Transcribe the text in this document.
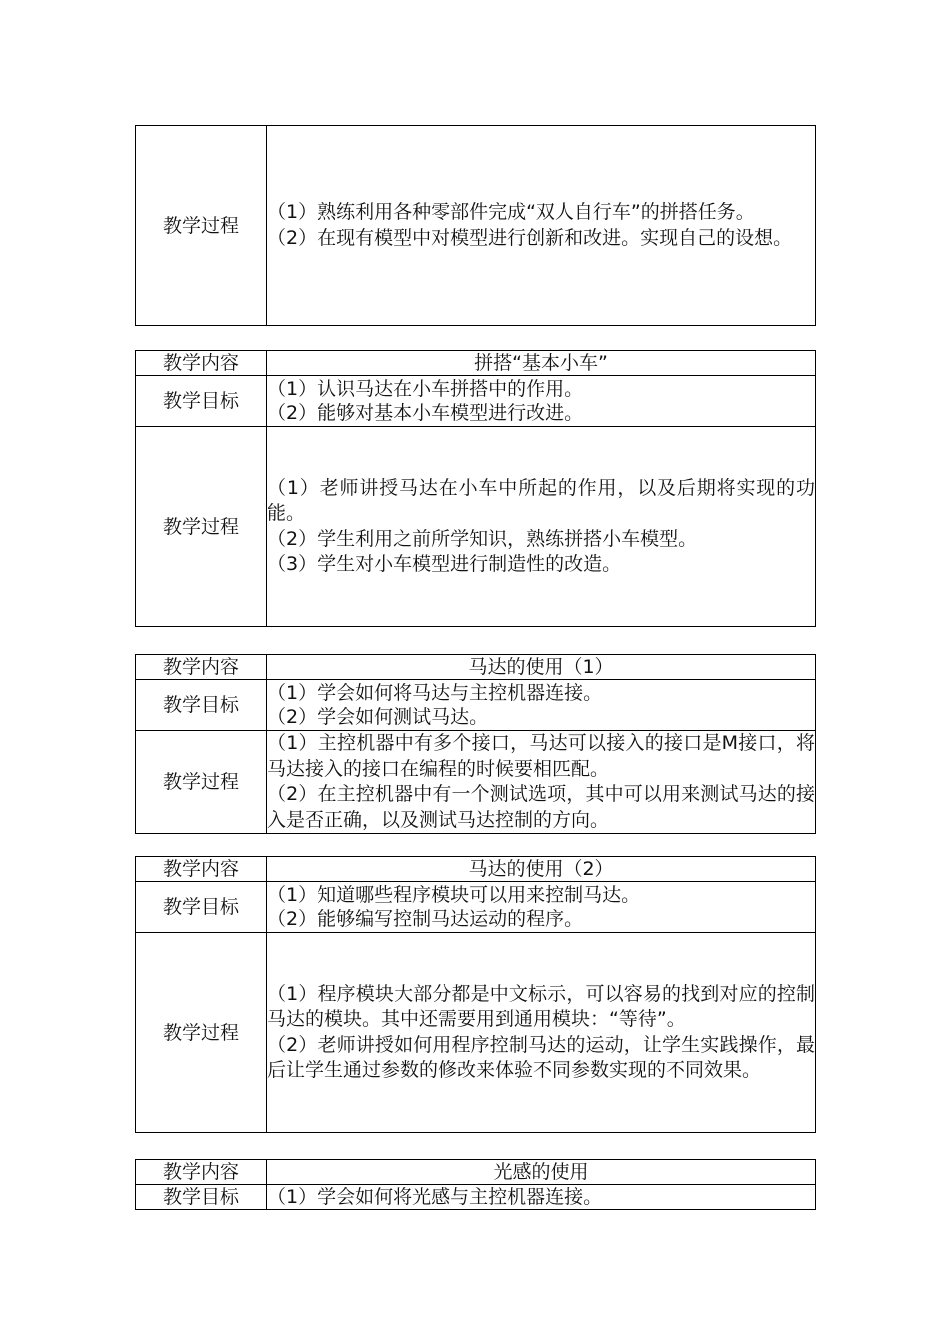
教学过程	

（1）熟练利用各种零部件完成“双人自行车”的拼搭任务。

（2）在现有模型中对模型进行创新和改进。实现自己的设想。

教学内容	拼搭“基本小车”
教学目标	（1）认识马达在小车拼搭中的作用。

（2）能够对基本小车模型进行改进。

教学过程	（1）老师讲授马达在小车中所起的作用，以及后期将实现的功能。

（2）学生利用之前所学知识，熟练拼搭小车模型。

（3）学生对小车模型进行制造性的改造。

教学内容	马达的使用（1）
教学目标	（1）学会如何将马达与主控机器连接。

（2）学会如何测试马达。

教学过程	（1）主控机器中有多个接口，马达可以接入的接口是M接口，将马达接入的接口在编程的时候要相匹配。

（2）在主控机器中有一个测试选项，其中可以用来测试马达的接入是否正确，以及测试马达控制的方向。

教学内容	马达的使用（2）
教学目标	（1）知道哪些程序模块可以用来控制马达。

（2）能够编写控制马达运动的程序。

教学过程	（1）程序模块大部分都是中文标示，可以容易的找到对应的控制马达的模块。其中还需要用到通用模块：“等待”。

（2）老师讲授如何用程序控制马达的运动，让学生实践操作，最后让学生通过参数的修改来体验不同参数实现的不同效果。

教学内容	光感的使用
教学目标	（1）学会如何将光感与主控机器连接。
